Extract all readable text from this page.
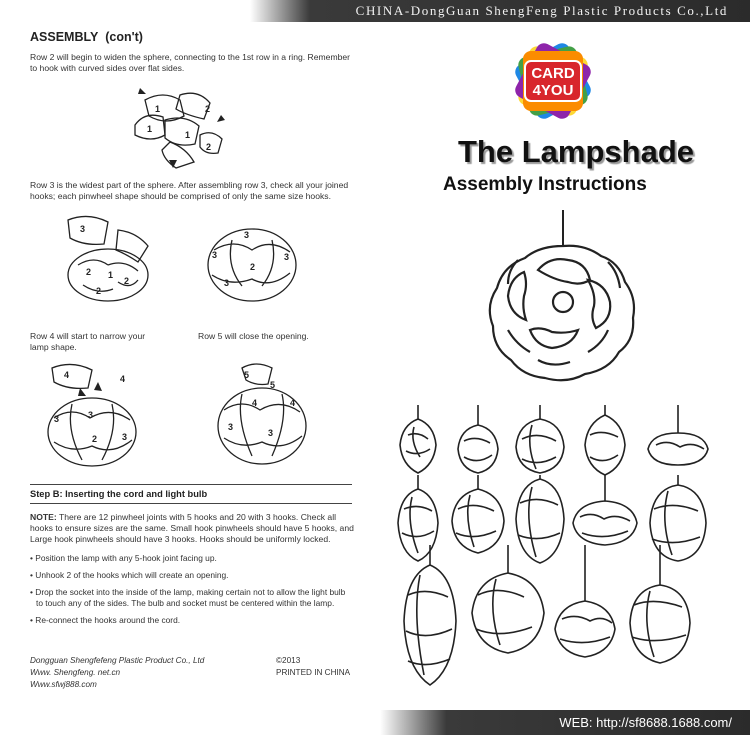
CHINA-DongGuan ShengFeng Plastic Products Co.,Ltd
ASSEMBLY (con't)
Row 2 will begin to widen the sphere, connecting to the 1st row in a ring. Remember
to hook with curved sides over flat sides.
1
1
1
2
2
Row 3 is the widest part of the sphere. After assembling row 3, check all your joined
hooks; each pinwheel shape should be comprised of only the same size hooks.
3
2 1
2
2
3
3
3
2
3
Row 4 will start to narrow your
lamp shape.
Row 5 will close the opening.
4	4
3	3
2	3
5
5
4	4
3
3
Step B: Inserting the cord and light bulb
NOTE: There are 12 pinwheel joints with 5 hooks and 20 with 3 hooks. Check all
hooks to ensure sizes are the same. Small hook pinwheels should have 5 hooks, and
Large hook pinwheels should have 3 hooks. Hooks should be uniformly locked.
• Position the lamp with any 5-hook joint facing up.
• Unhook 2 of the hooks which will create an opening.
• Drop the socket into the inside of the lamp, making certain not to allow the light bulb
to touch any of the sides. The bulb and socket must be centered within the lamp.
• Re-connect the hooks around the cord.
Dongguan Shengfefeng Plastic Product Co., Ltd
Www. Shengfeng. net.cn
Www.sfwj888.com
©2013
PRINTED IN CHINA
CARD
4YOU
The Lampshade
Assembly Instructions
WEB: http://sf8688.1688.com/
